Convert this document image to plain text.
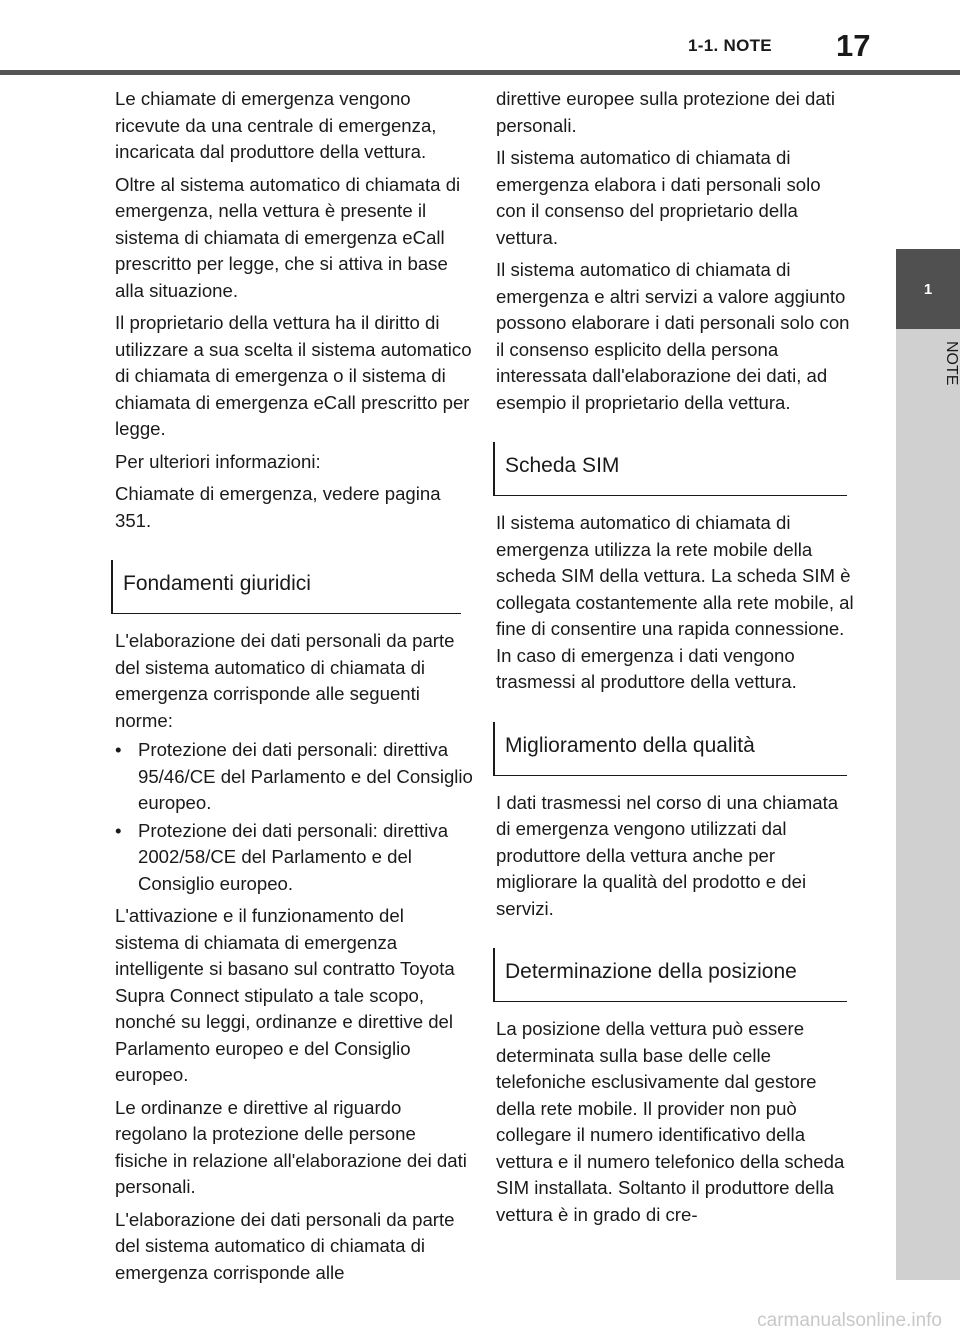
1-1. NOTE 17
1
NOTE

Le chiamate di emergenza vengono ricevute da una centrale di emergenza, incaricata dal produttore della vettura.

Oltre al sistema automatico di chiamata di emergenza, nella vettura è presente il sistema di chiamata di emergenza eCall prescritto per legge, che si attiva in base alla situazione.

Il proprietario della vettura ha il diritto di utilizzare a sua scelta il sistema automatico di chiamata di emergenza o il sistema di chiamata di emergenza eCall prescritto per legge.

Per ulteriori informazioni:

Chiamate di emergenza, vedere pagina 351.

Fondamenti giuridici

L'elaborazione dei dati personali da parte del sistema automatico di chiamata di emergenza corrisponde alle seguenti norme:

• Protezione dei dati personali: direttiva 95/46/CE del Parlamento e del Consiglio europeo.
• Protezione dei dati personali: direttiva 2002/58/CE del Parlamento e del Consiglio europeo.

L'attivazione e il funzionamento del sistema di chiamata di emergenza intelligente si basano sul contratto Toyota Supra Connect stipulato a tale scopo, nonché su leggi, ordinanze e direttive del Parlamento europeo e del Consiglio europeo.

Le ordinanze e direttive al riguardo regolano la protezione delle persone fisiche in relazione all'elaborazione dei dati personali.

L'elaborazione dei dati personali da parte del sistema automatico di chiamata di emergenza corrisponde alle

direttive europee sulla protezione dei dati personali.

Il sistema automatico di chiamata di emergenza elabora i dati personali solo con il consenso del proprietario della vettura.

Il sistema automatico di chiamata di emergenza e altri servizi a valore aggiunto possono elaborare i dati personali solo con il consenso esplicito della persona interessata dall'elaborazione dei dati, ad esempio il proprietario della vettura.

Scheda SIM

Il sistema automatico di chiamata di emergenza utilizza la rete mobile della scheda SIM della vettura. La scheda SIM è collegata costantemente alla rete mobile, al fine di consentire una rapida connessione. In caso di emergenza i dati vengono trasmessi al produttore della vettura.

Miglioramento della qualità

I dati trasmessi nel corso di una chiamata di emergenza vengono utilizzati dal produttore della vettura anche per migliorare la qualità del prodotto e dei servizi.

Determinazione della posizione

La posizione della vettura può essere determinata sulla base delle celle telefoniche esclusivamente dal gestore della rete mobile. Il provider non può collegare il numero identificativo della vettura e il numero telefonico della scheda SIM installata. Soltanto il produttore della vettura è in grado di cre-

carmanualsonline.info
